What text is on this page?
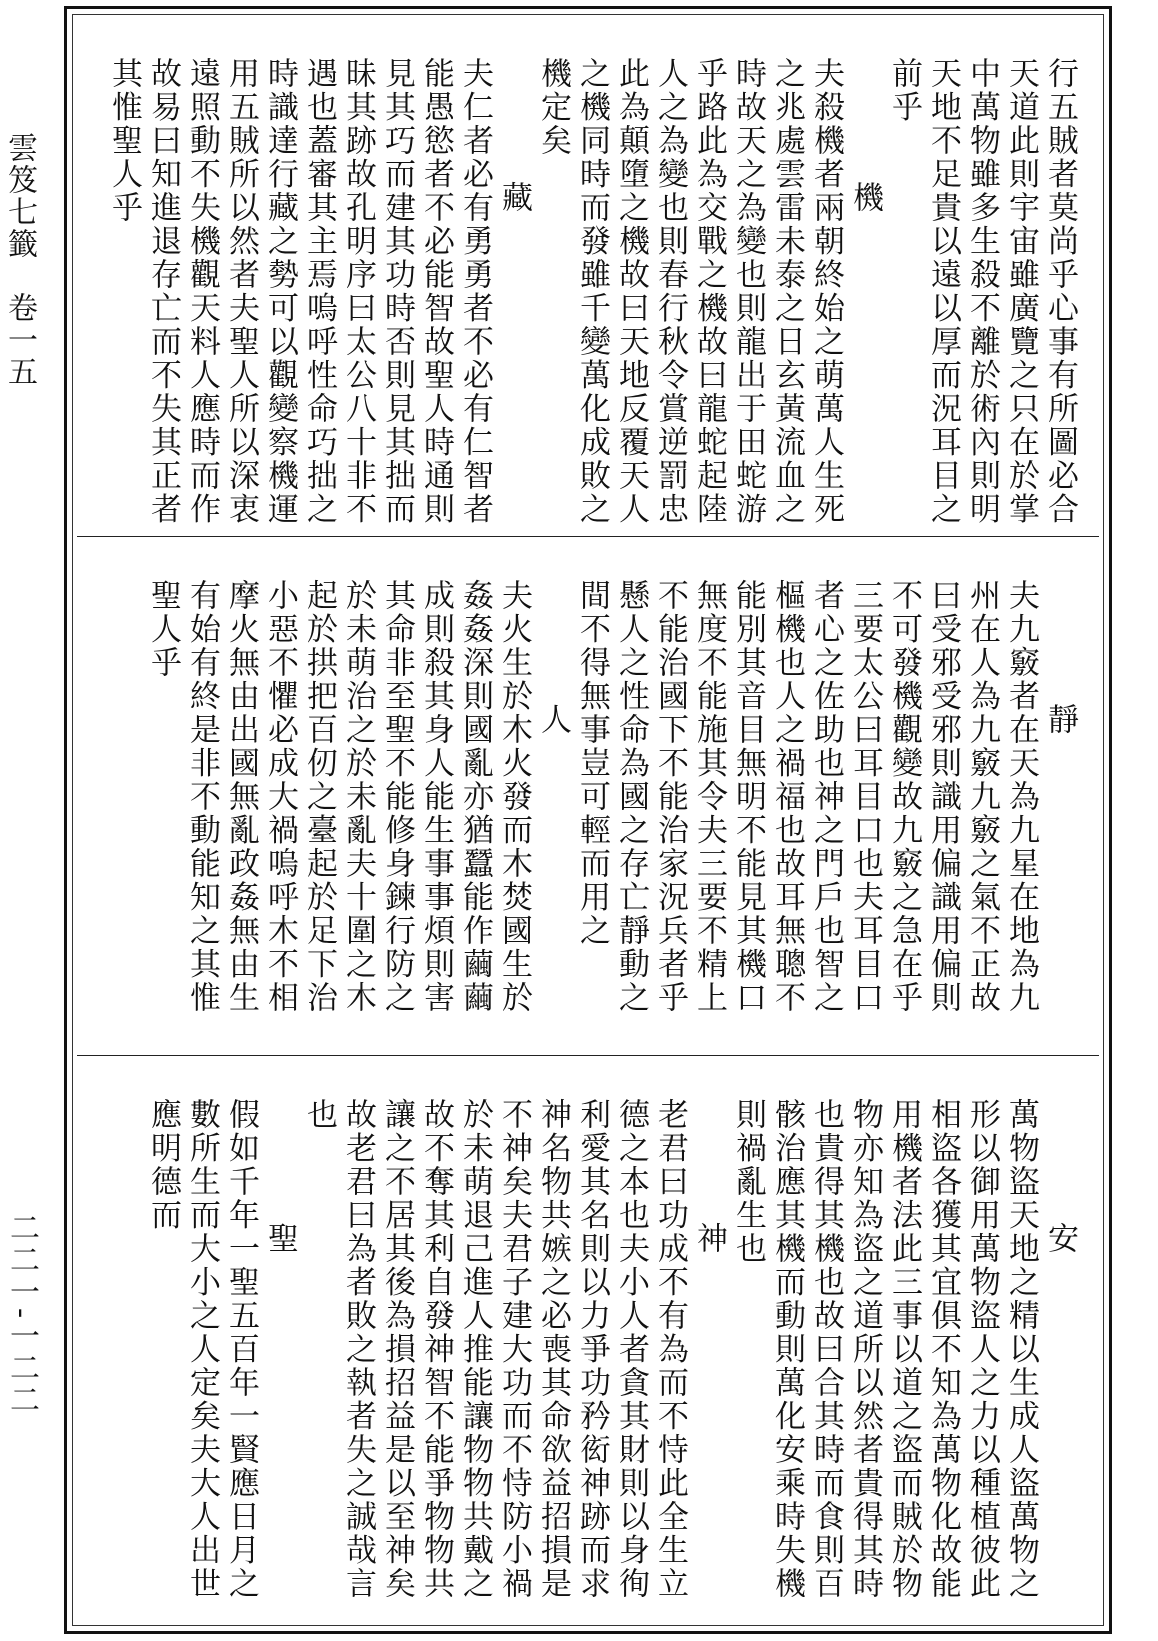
雲笈七籤　卷一五
二二一-一二二

行五賊者莫尚乎心事有所圖必合天道此則宇宙雖廣覽之只在於掌中萬物雖多生殺不離於術內則明天地不足貴以遠以厚而況耳目之前乎

機

夫殺機者兩朝終始之萌萬人生死之兆處雲雷未泰之日玄黃流血之時故天之為變也則龍出于田蛇游乎路此為交戰之機故曰龍蛇起陸人之為變也則春行秋令賞逆罰忠此為顛墮之機故曰天地反覆天人之機同時而發雖千變萬化成敗之機定矣

藏

夫仁者必有勇勇者不必有仁智者能愚慾者不必能智故聖人時通則見其巧而建其功時否則見其拙而昧其跡故孔明序曰太公八十非不遇也蓋審其主焉嗚呼性命巧拙之時識達行藏之勢可以觀變察機運用五賊所以然者夫聖人所以深衷遠照動不失機觀天料人應時而作故易曰知進退存亡而不失其正者其惟聖人乎

靜

夫九竅者在天為九星在地為九州在人為九竅九竅之氣不正故曰受邪受邪則識用偏識用偏則不可發機觀變故九竅之急在乎三要太公曰耳目口也夫耳目口者心之佐助也神之門戶也智之樞機也人之禍福也故耳無聰不能別其音目無明不能見其機口無度不能施其令夫三要不精上不能治國下不能治家況兵者乎懸人之性命為國之存亡靜動之間不得無事豈可輕而用之

人

夫火生於木火發而木焚國生於姦姦深則國亂亦猶蠶能作繭繭成則殺其身人能生事事煩則害其命非至聖不能修身鍊行防之於未萌治之於未亂夫十圍之木起於拱把百仞之臺起於足下治小惡不懼必成大禍嗚呼木不相摩火無由出國無亂政姦無由生有始有終是非不動能知之其惟聖人乎

安

萬物盜天地之精以生成人盜萬物之形以御用萬物盜人之力以種植彼此相盜各獲其宜俱不知為萬物化故能用機者法此三事以道之盜而賊於物物亦知為盜之道所以然者貴得其時也貴得其機也故曰合其時而食則百骸治應其機而動則萬化安乘時失機則禍亂生也

神

老君曰功成不有為而不恃此全生立德之本也夫小人者貪其財則以身徇利愛其名則以力爭功矜衒神跡而求神名物共嫉之必喪其命欲益招損是不神矣夫君子建大功而不恃防小禍於未萌退己進人推能讓物物共戴之故不奪其利自發神智不能爭物物共讓之不居其後為損招益是以至神矣故老君曰為者敗之執者失之誠哉言也

聖

假如千年一聖五百年一賢應日月之數所生而大小之人定矣夫大人出世應明德而
